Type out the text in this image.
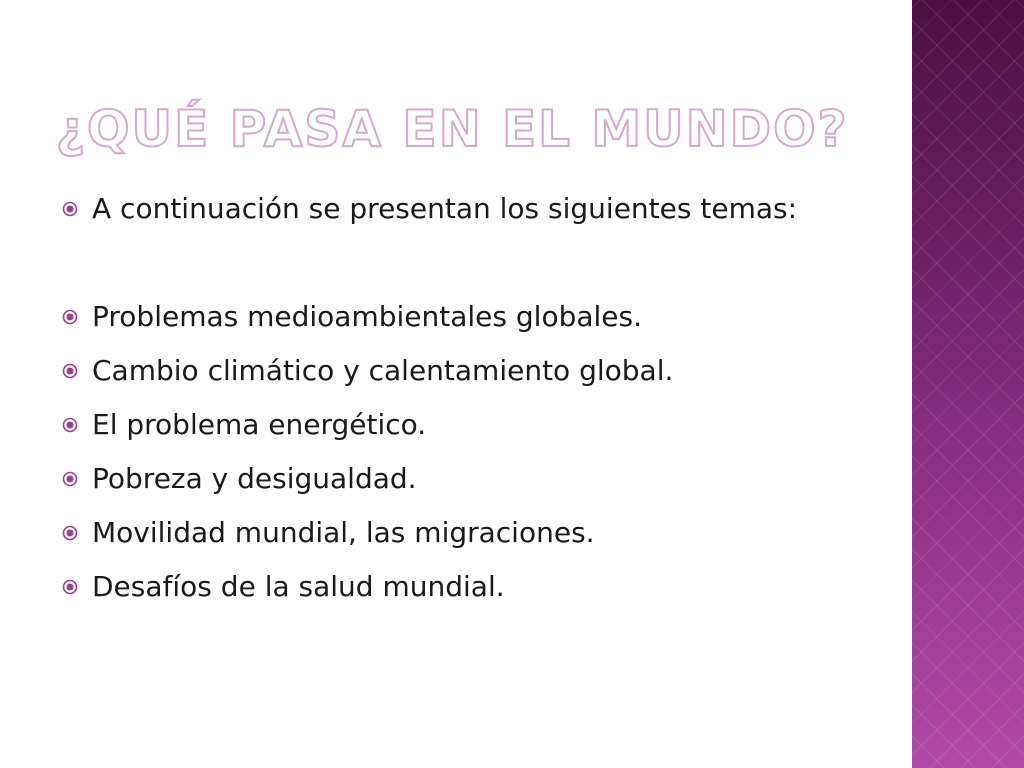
¿QUÉ PASA EN EL MUNDO?
A continuación se presentan los siguientes temas:
Problemas medioambientales globales.
Cambio climático y calentamiento global.
El problema energético.
Pobreza y desigualdad.
Movilidad mundial, las migraciones.
Desafíos de la salud mundial.
